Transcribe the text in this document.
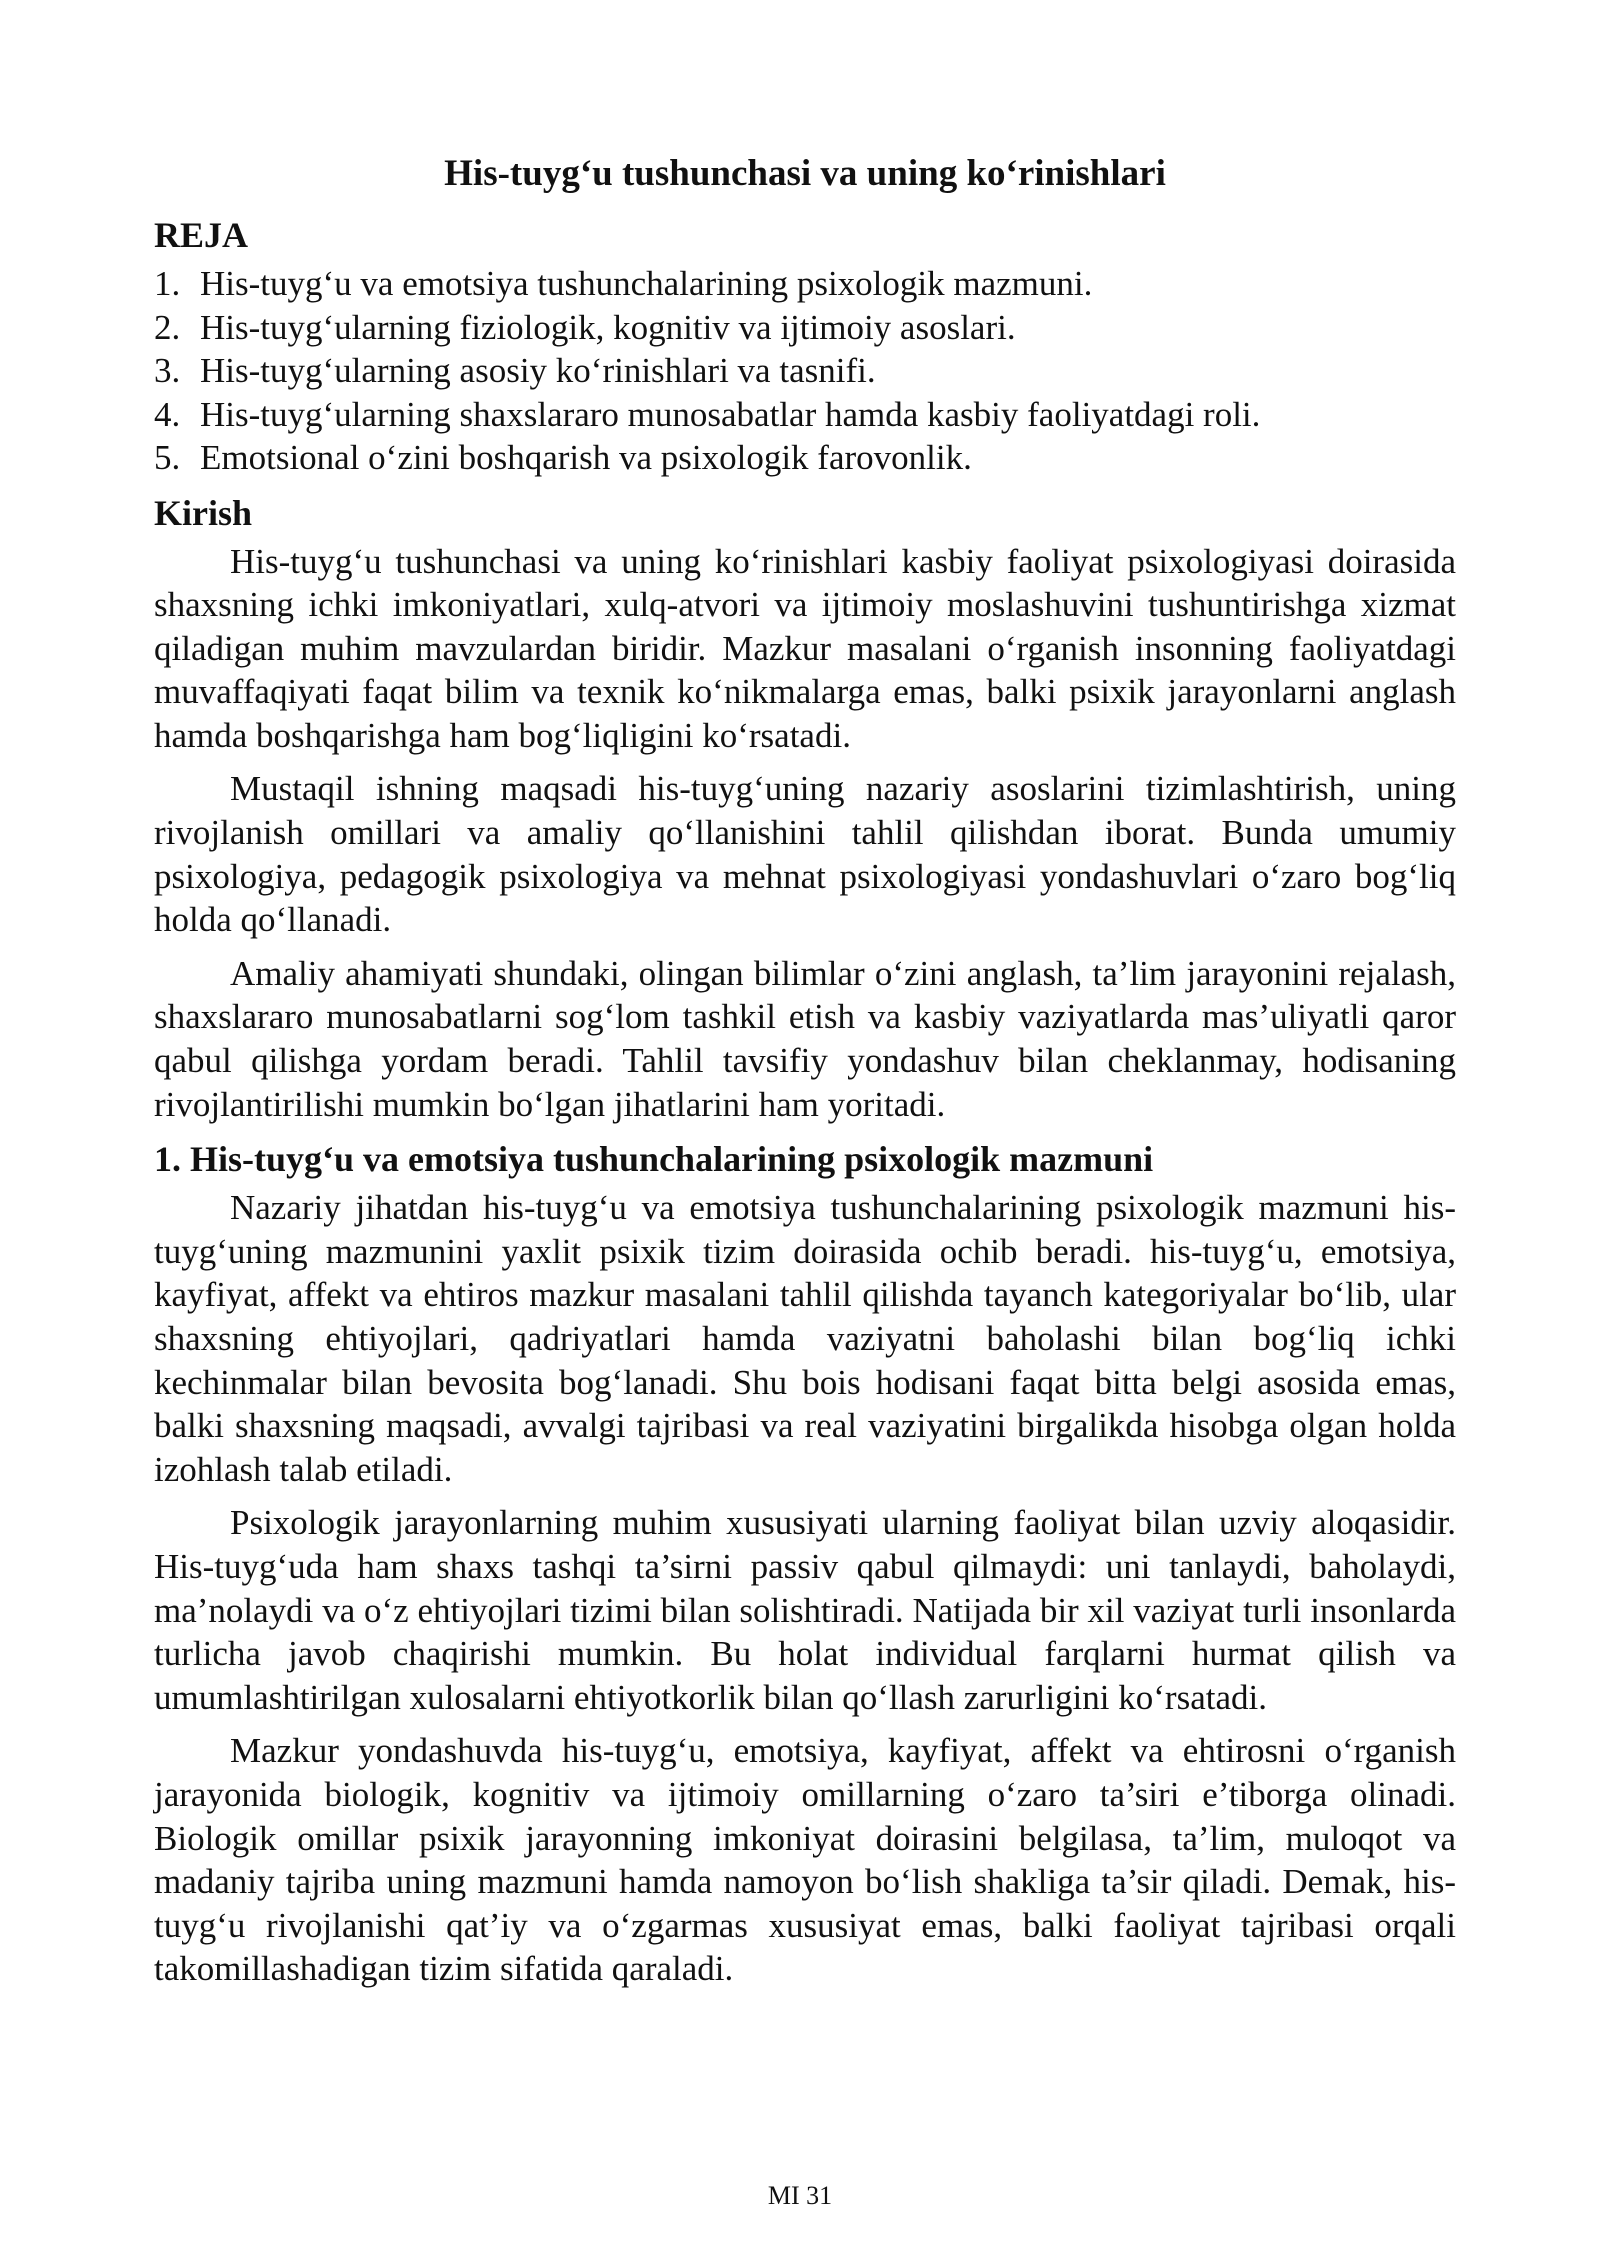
His-tuyg‘u tushunchasi va uning ko‘rinishlari
REJA
1. His-tuyg‘u va emotsiya tushunchalarining psixologik mazmuni.
2. His-tuyg‘ularning fiziologik, kognitiv va ijtimoiy asoslari.
3. His-tuyg‘ularning asosiy ko‘rinishlari va tasnifi.
4. His-tuyg‘ularning shaxslararo munosabatlar hamda kasbiy faoliyatdagi roli.
5. Emotsional o‘zini boshqarish va psixologik farovonlik.
Kirish

His-tuyg‘u tushunchasi va uning ko‘rinishlari kasbiy faoliyat psixologiyasi doirasida shaxsning ichki imkoniyatlari, xulq-atvori va ijtimoiy moslashuvini tushuntirishga xizmat qiladigan muhim mavzulardan biridir. Mazkur masalani o‘rganish insonning faoliyatdagi muvaffaqiyati faqat bilim va texnik ko‘nikmalarga emas, balki psixik jarayonlarni anglash hamda boshqarishga ham bog‘liqligini ko‘rsatadi.

Mustaqil ishning maqsadi his-tuyg‘uning nazariy asoslarini tizimlashtirish, uning rivojlanish omillari va amaliy qo‘llanishini tahlil qilishdan iborat. Bunda umumiy psixologiya, pedagogik psixologiya va mehnat psixologiyasi yondashuvlari o‘zaro bog‘liq holda qo‘llanadi.

Amaliy ahamiyati shundaki, olingan bilimlar o‘zini anglash, ta’lim jarayonini rejalash, shaxslararo munosabatlarni sog‘lom tashkil etish va kasbiy vaziyatlarda mas’uliyatli qaror qabul qilishga yordam beradi. Tahlil tavsifiy yondashuv bilan cheklanmay, hodisaning rivojlantirilishi mumkin bo‘lgan jihatlarini ham yoritadi.

1. His-tuyg‘u va emotsiya tushunchalarining psixologik mazmuni

Nazariy jihatdan his-tuyg‘u va emotsiya tushunchalarining psixologik mazmuni his-tuyg‘uning mazmunini yaxlit psixik tizim doirasida ochib beradi. his-tuyg‘u, emotsiya, kayfiyat, affekt va ehtiros mazkur masalani tahlil qilishda tayanch kategoriyalar bo‘lib, ular shaxsning ehtiyojlari, qadriyatlari hamda vaziyatni baholashi bilan bog‘liq ichki kechinmalar bilan bevosita bog‘lanadi. Shu bois hodisani faqat bitta belgi asosida emas, balki shaxsning maqsadi, avvalgi tajribasi va real vaziyatini birgalikda hisobga olgan holda izohlash talab etiladi.

Psixologik jarayonlarning muhim xususiyati ularning faoliyat bilan uzviy aloqasidir. His-tuyg‘uda ham shaxs tashqi ta’sirni passiv qabul qilmaydi: uni tanlaydi, baholaydi, ma’nolaydi va o‘z ehtiyojlari tizimi bilan solishtiradi. Natijada bir xil vaziyat turli insonlarda turlicha javob chaqirishi mumkin. Bu holat individual farqlarni hurmat qilish va umumlashtirilgan xulosalarni ehtiyotkorlik bilan qo‘llash zarurligini ko‘rsatadi.

Mazkur yondashuvda his-tuyg‘u, emotsiya, kayfiyat, affekt va ehtirosni o‘rganish jarayonida biologik, kognitiv va ijtimoiy omillarning o‘zaro ta’siri e’tiborga olinadi. Biologik omillar psixik jarayonning imkoniyat doirasini belgilasa, ta’lim, muloqot va madaniy tajriba uning mazmuni hamda namoyon bo‘lish shakliga ta’sir qiladi. Demak, his-tuyg‘u rivojlanishi qat’iy va o‘zgarmas xususiyat emas, balki faoliyat tajribasi orqali takomillashadigan tizim sifatida qaraladi.

MI 31
